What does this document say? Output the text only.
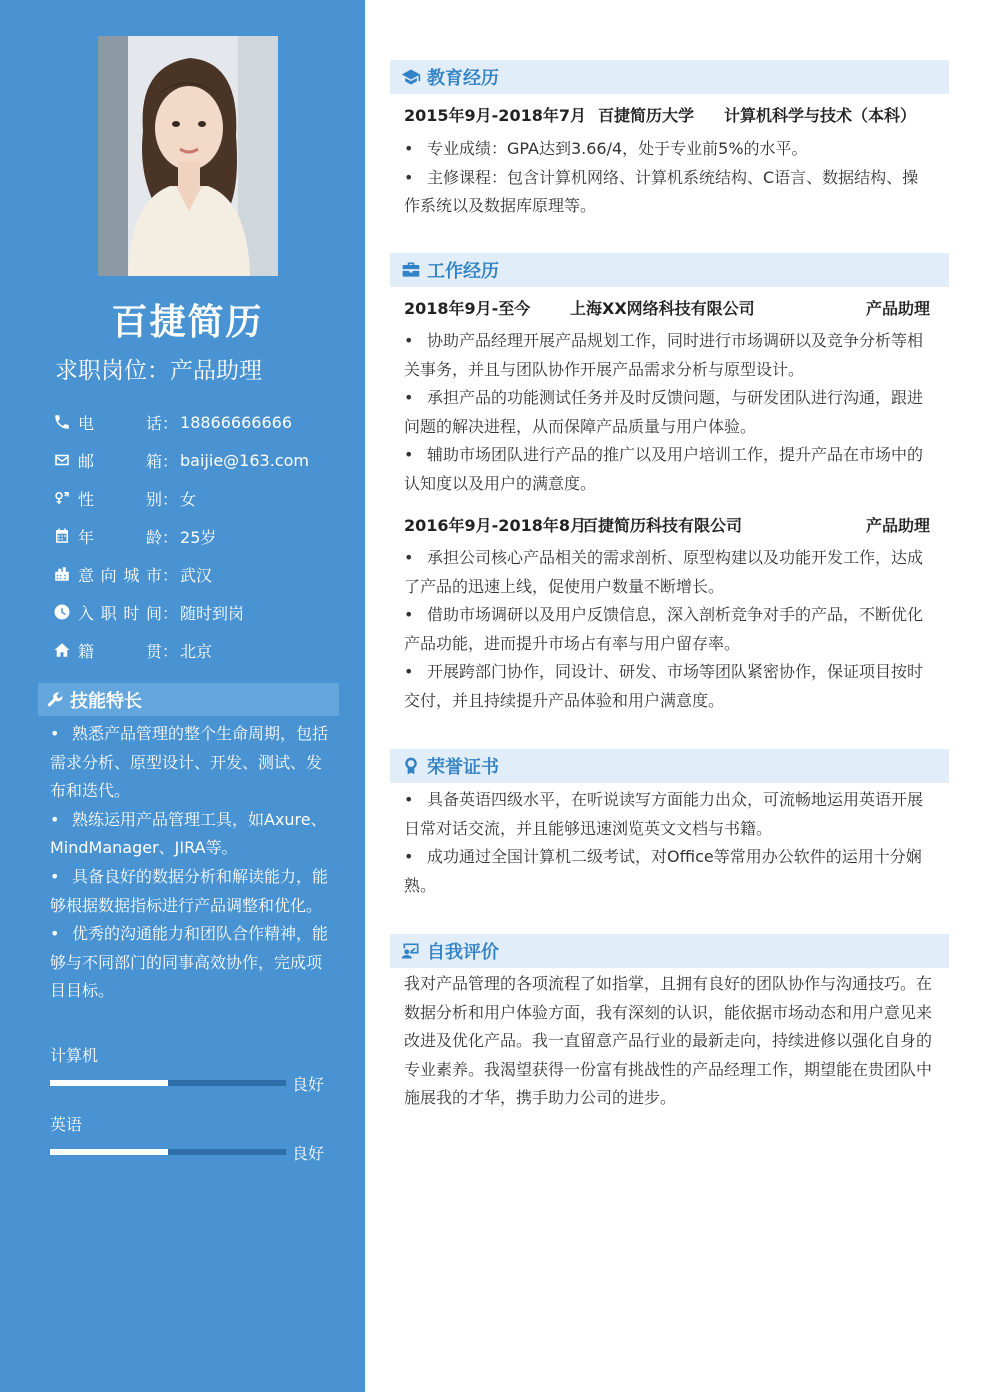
百捷简历
求职岗位：产品助理
电话 ： 18866666666
邮箱 ： baijie@163.com
性别 ： 女
年龄 ： 25岁
意向城市 ： 武汉
入职时间 ： 随时到岗
籍贯 ： 北京
技能特长
• 熟悉产品管理的整个生命周期，包括需求分析、原型设计、开发、测试、发布和迭代。
• 熟练运用产品管理工具，如Axure、MindManager、JIRA等。
• 具备良好的数据分析和解读能力，能够根据数据指标进行产品调整和优化。
• 优秀的沟通能力和团队合作精神，能够与不同部门的同事高效协作，完成项目目标。
计算机
良好
英语
良好
教育经历
2015年9月-2018年7月 百捷简历大学 计算机科学与技术（本科）
• 专业成绩：GPA达到3.66/4，处于专业前5%的水平。
• 主修课程：包含计算机网络、计算机系统结构、C语言、数据结构、操作系统以及数据库原理等。
工作经历
2018年9月-至今 上海XX网络科技有限公司	产品助理
• 协助产品经理开展产品规划工作，同时进行市场调研以及竞争分析等相关事务，并且与团队协作开展产品需求分析与原型设计。
• 承担产品的功能测试任务并及时反馈问题，与研发团队进行沟通，跟进问题的解决进程，从而保障产品质量与用户体验。
• 辅助市场团队进行产品的推广以及用户培训工作，提升产品在市场中的认知度以及用户的满意度。
2016年9月-2018年8月
百捷简历科技有限公司	产品助理
• 承担公司核心产品相关的需求剖析、原型构建以及功能开发工作，达成了产品的迅速上线，促使用户数量不断增长。
• 借助市场调研以及用户反馈信息，深入剖析竞争对手的产品，不断优化产品功能，进而提升市场占有率与用户留存率。
• 开展跨部门协作，同设计、研发、市场等团队紧密协作，保证项目按时交付，并且持续提升产品体验和用户满意度。
荣誉证书
• 具备英语四级水平，在听说读写方面能力出众，可流畅地运用英语开展日常对话交流，并且能够迅速浏览英文文档与书籍。
• 成功通过全国计算机二级考试，对Office等常用办公软件的运用十分娴熟。
自我评价
我对产品管理的各项流程了如指掌，且拥有良好的团队协作与沟通技巧。在数据分析和用户体验方面，我有深刻的认识，能依据市场动态和用户意见来改进及优化产品。我一直留意产品行业的最新走向，持续进修以强化自身的专业素养。我渴望获得一份富有挑战性的产品经理工作，期望能在贵团队中施展我的才华，携手助力公司的进步。
